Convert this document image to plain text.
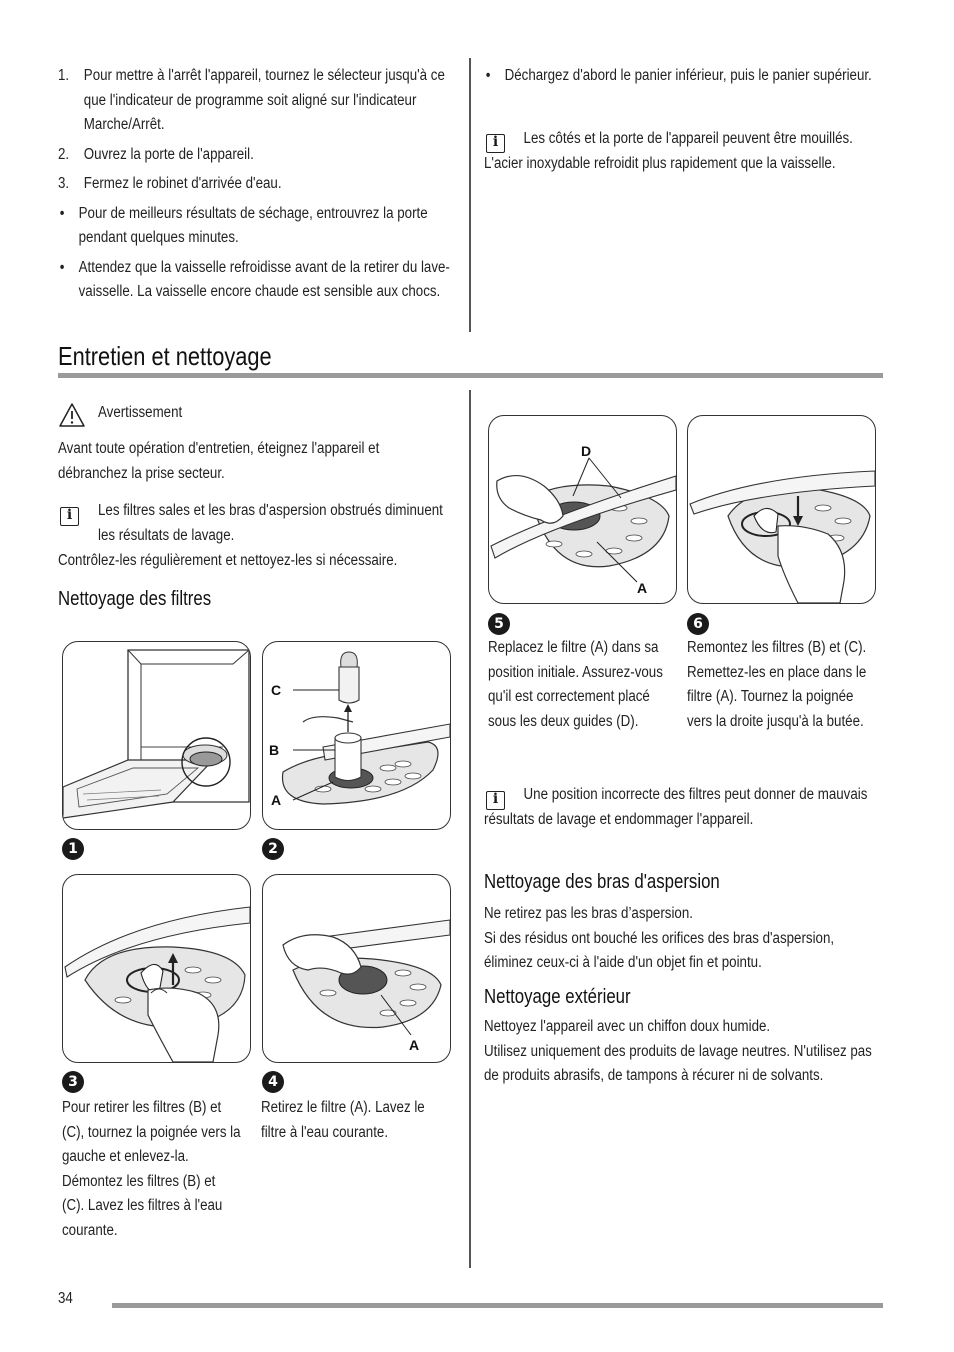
1. Pour mettre à l'arrêt l'appareil, tournez le sélecteur jusqu'à ce que l'indicateur de programme soit aligné sur l'indicateur Marche/Arrêt.
2. Ouvrez la porte de l'appareil.
3. Fermez le robinet d'arrivée d'eau.
• Pour de meilleurs résultats de séchage, entrouvrez la porte pendant quelques minutes.
• Attendez que la vaisselle refroidisse avant de la retirer du lave-vaisselle. La vaisselle encore chaude est sensible aux chocs.
• Déchargez d'abord le panier inférieur, puis le panier supérieur.
i	Les côtés et la porte de l'appareil peuvent être mouillés. L'acier inoxydable refroidit plus rapidement que la vaisselle.
Entretien et nettoyage
Avertissement
Avant toute opération d'entretien, éteignez l'appareil et débranchez la prise secteur.
i	Les filtres sales et les bras d'aspersion obstrués diminuent les résultats de lavage.
Contrôlez-les régulièrement et nettoyez-les si nécessaire.
Nettoyage des filtres
1
C
B
A
2
3
Pour retirer les filtres (B) et (C), tournez la poignée vers la gauche et enlevez-la. Démontez les filtres (B) et (C). Lavez les filtres à l'eau courante.
A
4
Retirez le filtre (A). Lavez le filtre à l'eau courante.
D
A
5
Replacez le filtre (A) dans sa position initiale. Assurez-vous qu'il est correctement placé sous les deux guides (D).
6
Remontez les filtres (B) et (C). Remettez-les en place dans le filtre (A). Tournez la poignée vers la droite jusqu'à la butée.
i	Une position incorrecte des filtres peut donner de mauvais résultats de lavage et endommager l'appareil.
Nettoyage des bras d'aspersion
Ne retirez pas les bras d’aspersion.
Si des résidus ont bouché les orifices des bras d'aspersion, éliminez ceux-ci à l'aide d'un objet fin et pointu.
Nettoyage extérieur
Nettoyez l'appareil avec un chiffon doux humide.
Utilisez uniquement des produits de lavage neutres. N'utilisez pas de produits abrasifs, de tampons à récurer ni de solvants.
34
